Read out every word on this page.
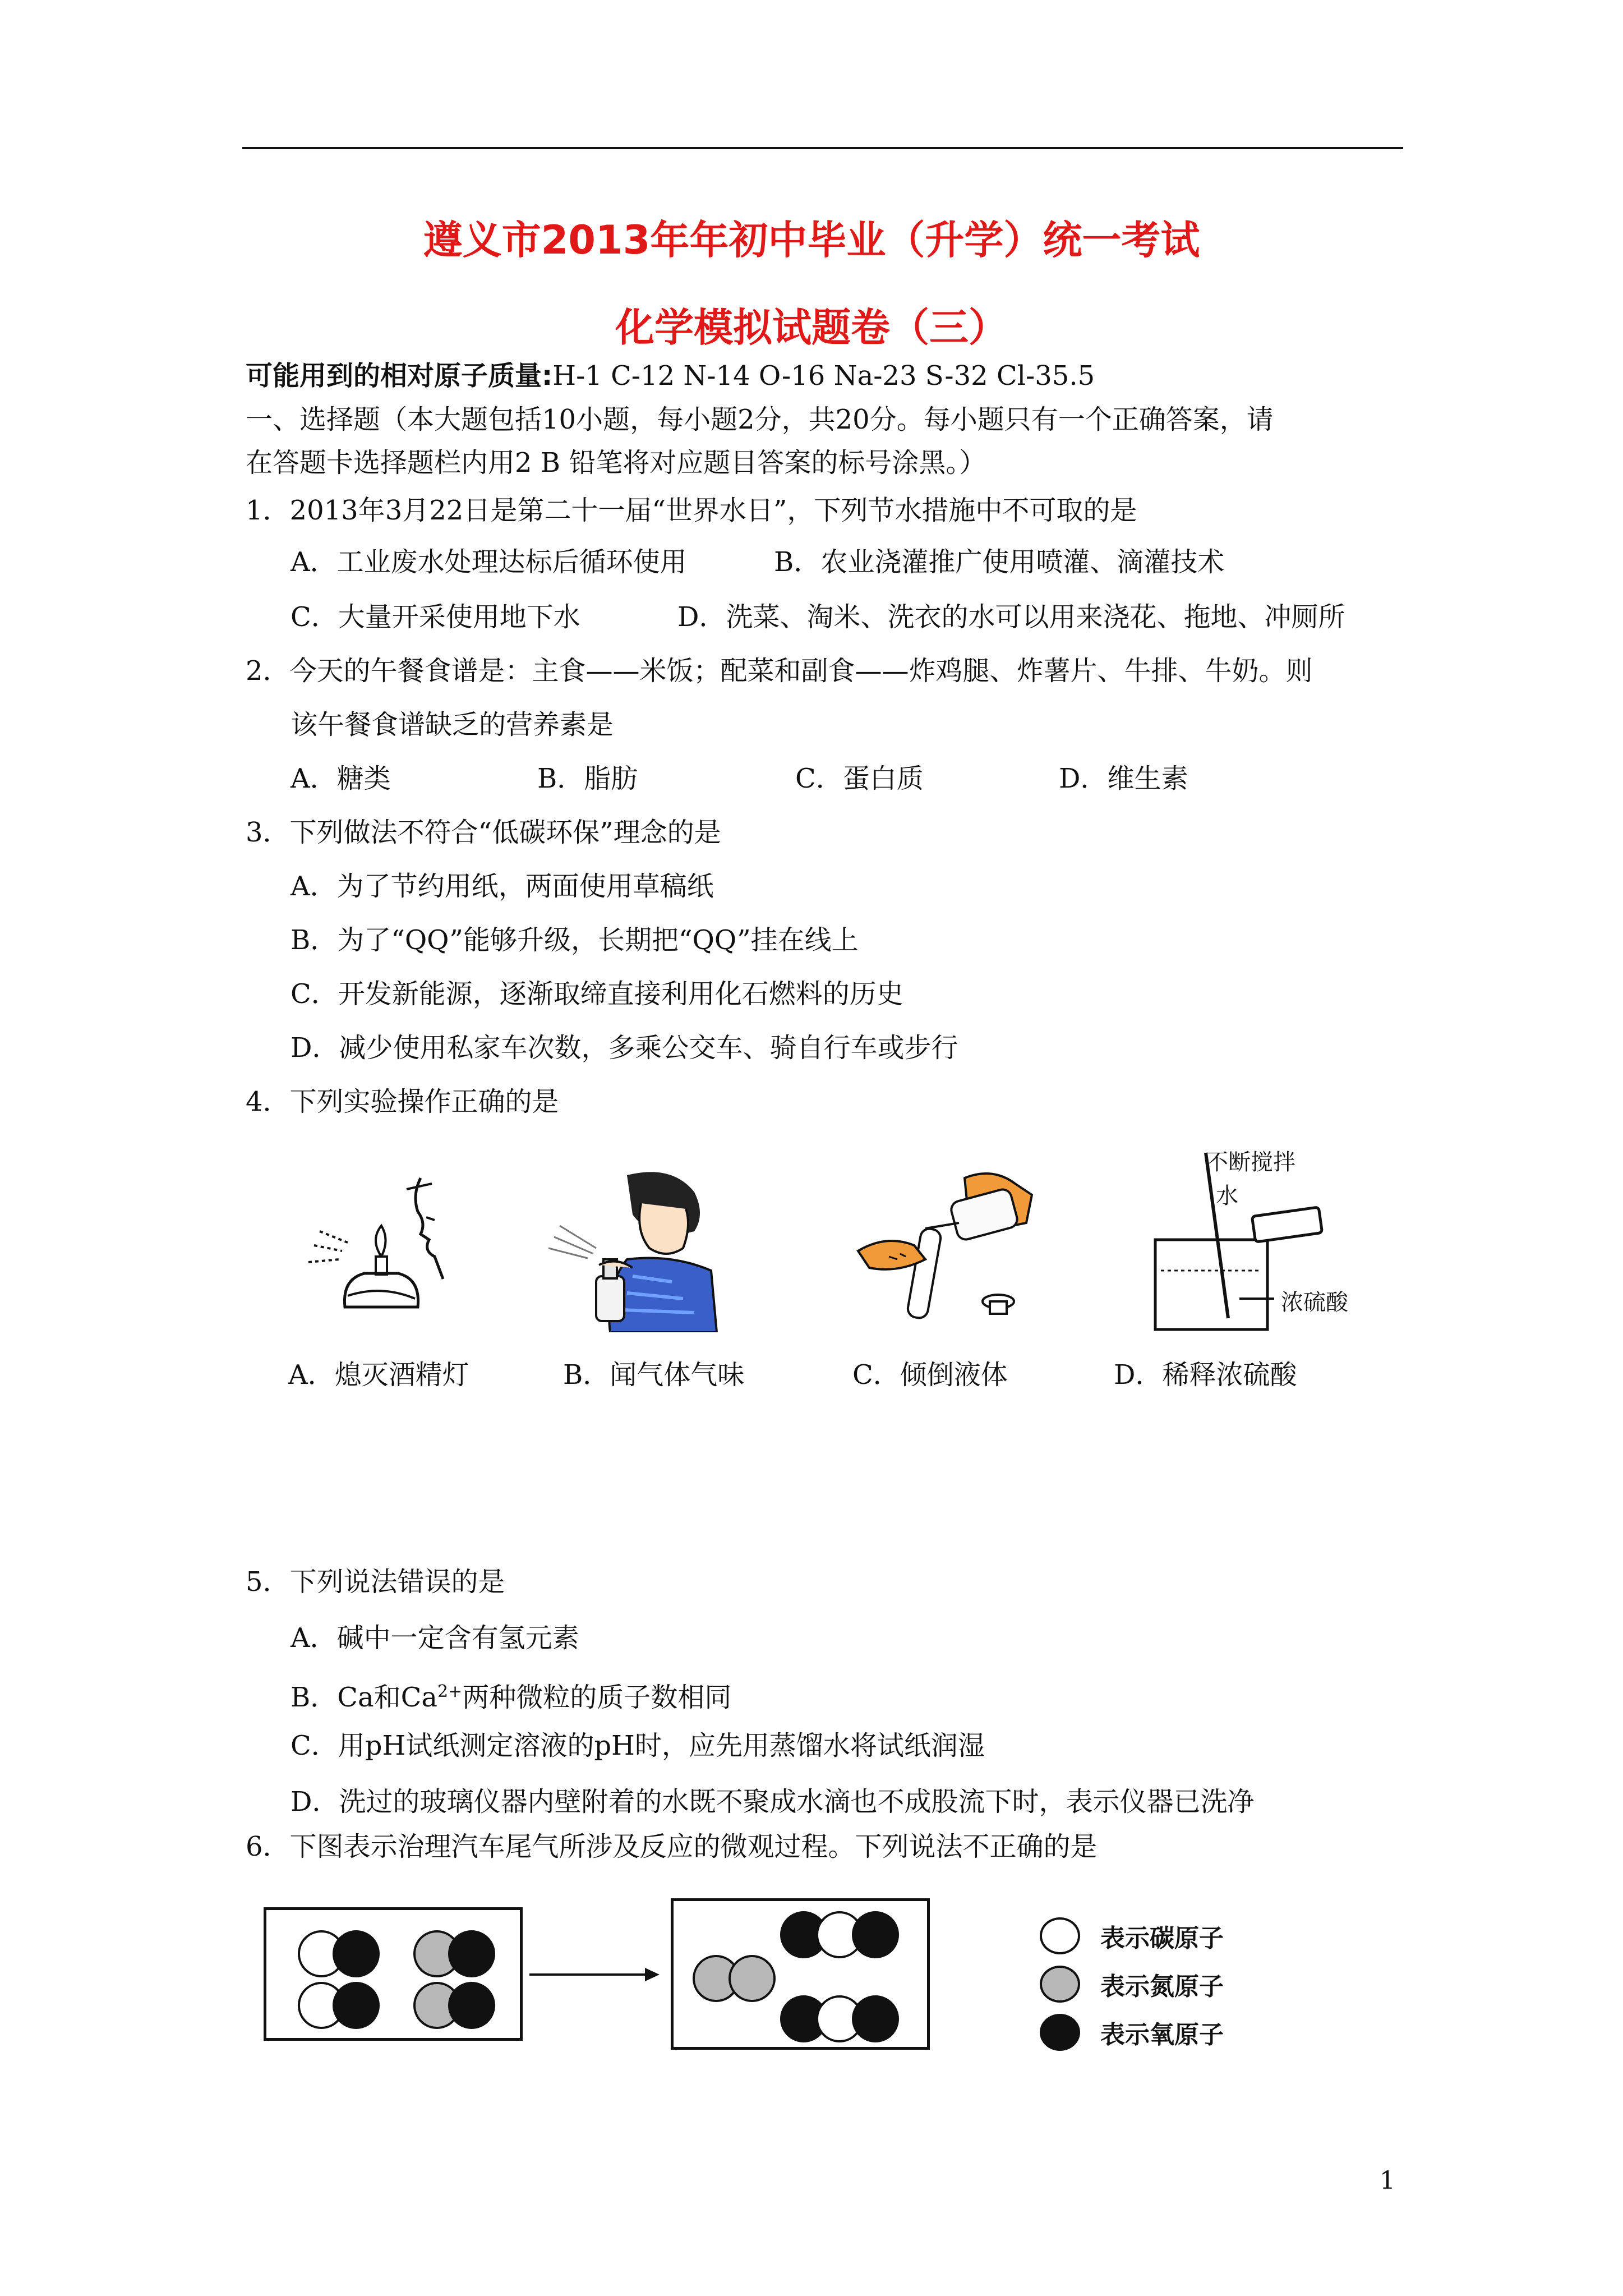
遵义市2013年年初中毕业（升学）统一考试
化学模拟试题卷（三）
可能用到的相对原子质量:H-1 C-12 N-14 O-16 Na-23 S-32 Cl-35.5
一、选择题（本大题包括10小题，每小题2分，共20分。每小题只有一个正确答案，请
在答题卡选择题栏内用2 B 铅笔将对应题目答案的标号涂黑。）
1．2013年3月22日是第二十一届“世界水日”，下列节水措施中不可取的是
A．工业废水处理达标后循环使用	B．农业浇灌推广使用喷灌、滴灌技术
C．大量开采使用地下水	D．洗菜、淘米、洗衣的水可以用来浇花、拖地、冲厕所
2．今天的午餐食谱是：主食——米饭；配菜和副食——炸鸡腿、炸薯片、牛排、牛奶。则
该午餐食谱缺乏的营养素是
A．糖类	B．脂肪	C．蛋白质	D．维生素
3．下列做法不符合“低碳环保”理念的是
A．为了节约用纸，两面使用草稿纸
B．为了“QQ”能够升级，长期把“QQ”挂在线上
C．开发新能源，逐渐取缔直接利用化石燃料的历史
D．减少使用私家车次数，多乘公交车、骑自行车或步行
4．下列实验操作正确的是
不断搅拌
水
浓硫酸
A．熄灭酒精灯	B．闻气体气味	C．倾倒液体	D．稀释浓硫酸
5．下列说法错误的是
A．碱中一定含有氢元素
B．Ca和$Ca^{2+}$两种微粒的质子数相同
C．用pH试纸测定溶液的pH时，应先用蒸馏水将试纸润湿
D．洗过的玻璃仪器内壁附着的水既不聚成水滴也不成股流下时，表示仪器已洗净
6．下图表示治理汽车尾气所涉及反应的微观过程。下列说法不正确的是
表示碳原子
表示氮原子
表示氧原子
1
